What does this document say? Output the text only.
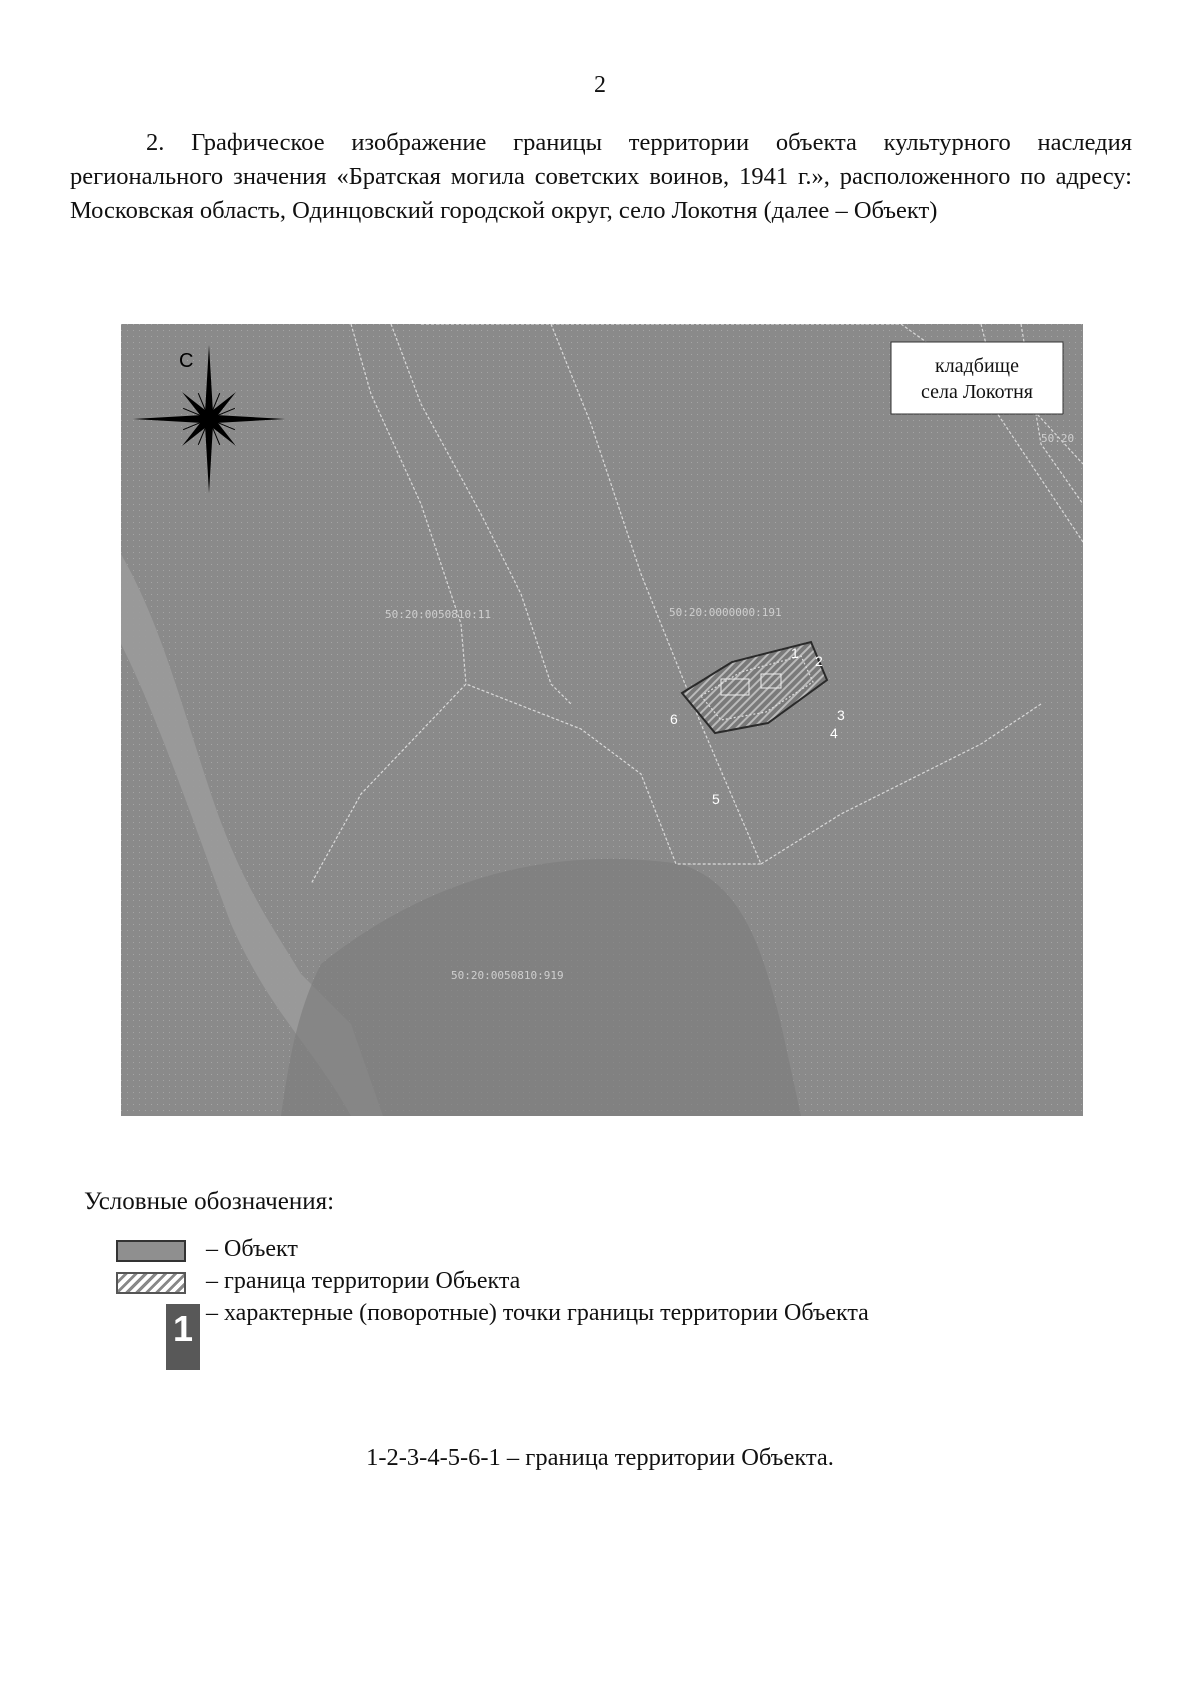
2
2. Графическое изображение границы территории объекта культурного наследия регионального значения «Братская могила советских воинов, 1941 г.», расположенного по адресу: Московская область, Одинцовский городской округ, село Локотня (далее – Объект)
50:20:0050810:11	50:20:0000000:191
50:20:0050810:919
50:20
1 2
3
4
5
6
С	кладбище
села Локотня
Условные обозначения:
– Объект
– граница территории Объекта
1 – характерные (поворотные) точки границы территории Объекта
1-2-3-4-5-6-1 – граница территории Объекта.
